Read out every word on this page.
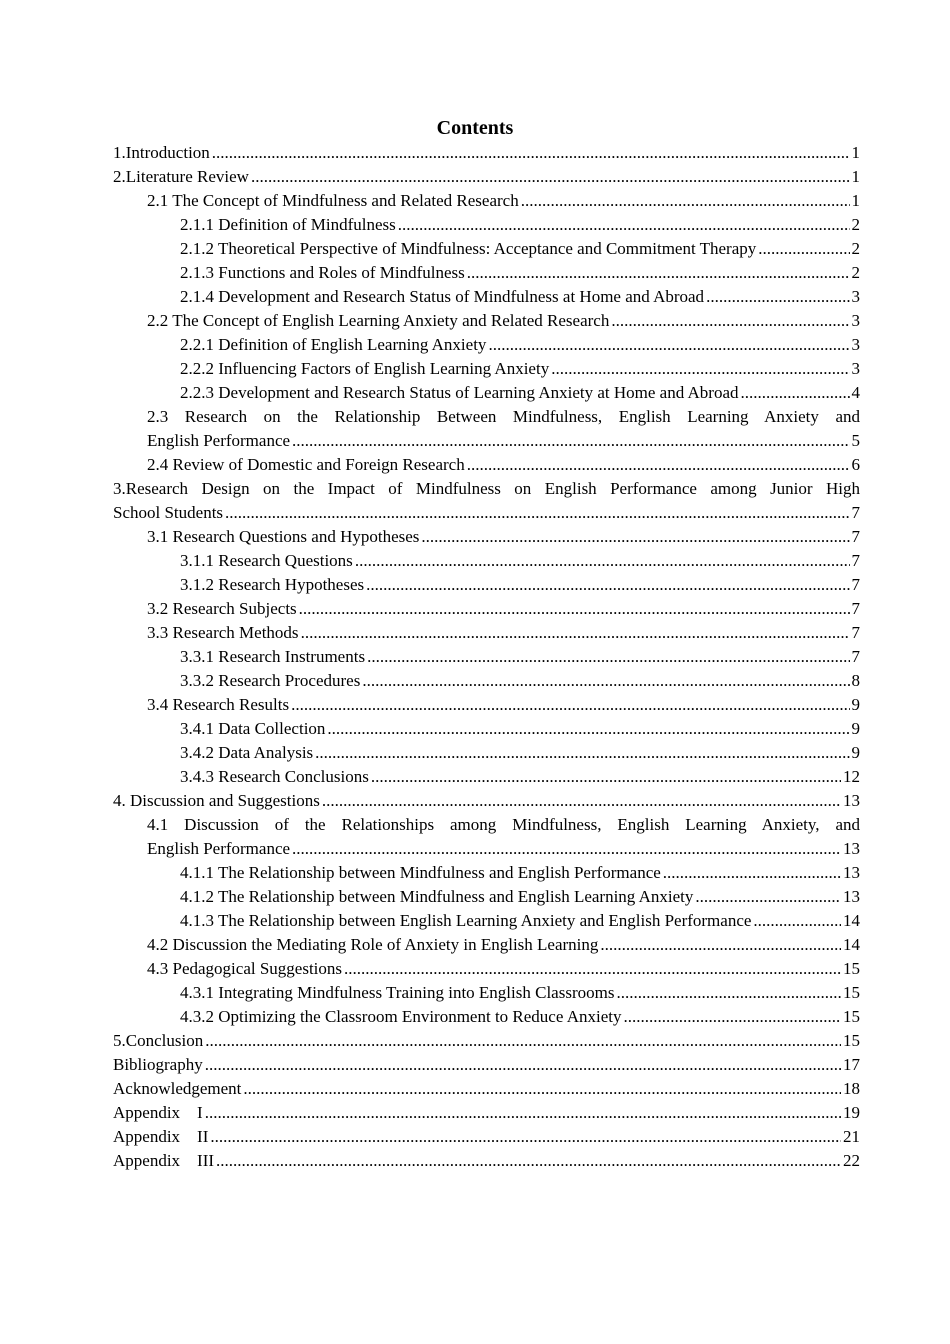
Contents
1.Introduction .....	1
2.Literature Review .....	1
2.1 The Concept of Mindfulness and Related Research .....	1
2.1.1 Definition of Mindfulness .....	2
2.1.2 Theoretical Perspective of Mindfulness: Acceptance and Commitment Therapy .....	2
2.1.3 Functions and Roles of Mindfulness .....	2
2.1.4 Development and Research Status of Mindfulness at Home and Abroad .....	3
2.2 The Concept of English Learning Anxiety and Related Research .....	3
2.2.1 Definition of English Learning Anxiety .....	3
2.2.2 Influencing Factors of English Learning Anxiety .....	3
2.2.3 Development and Research Status of Learning Anxiety at Home and Abroad .....	4
2.3 Research on the Relationship Between Mindfulness, English Learning Anxiety and
English Performance .....	5
2.4 Review of Domestic and Foreign Research .....	6
3.Research Design on the Impact of Mindfulness on English Performance among Junior High
School Students .....	7
3.1 Research Questions and Hypotheses .....	7
3.1.1 Research Questions .....	7
3.1.2 Research Hypotheses .....	7
3.2 Research Subjects .....	7
3.3 Research Methods .....	7
3.3.1 Research Instruments .....	7
3.3.2 Research Procedures .....	8
3.4 Research Results .....	9
3.4.1 Data Collection .....	9
3.4.2 Data Analysis .....	9
3.4.3 Research Conclusions .....	12
4. Discussion and Suggestions .....	13
4.1 Discussion of the Relationships among Mindfulness, English Learning Anxiety, and
English Performance .....	13
4.1.1 The Relationship between Mindfulness and English Performance .....	13
4.1.2 The Relationship between Mindfulness and English Learning Anxiety .....	13
4.1.3 The Relationship between English Learning Anxiety and English Performance .....	14
4.2 Discussion the Mediating Role of Anxiety in English Learning .....	14
4.3 Pedagogical Suggestions .....	15
4.3.1 Integrating Mindfulness Training into English Classrooms .....	15
4.3.2 Optimizing the Classroom Environment to Reduce Anxiety .....	15
5.Conclusion .....	15
Bibliography .....	17
Acknowledgement .....	18
Appendix　I .....	19
Appendix　II .....	21
Appendix　III .....	22
